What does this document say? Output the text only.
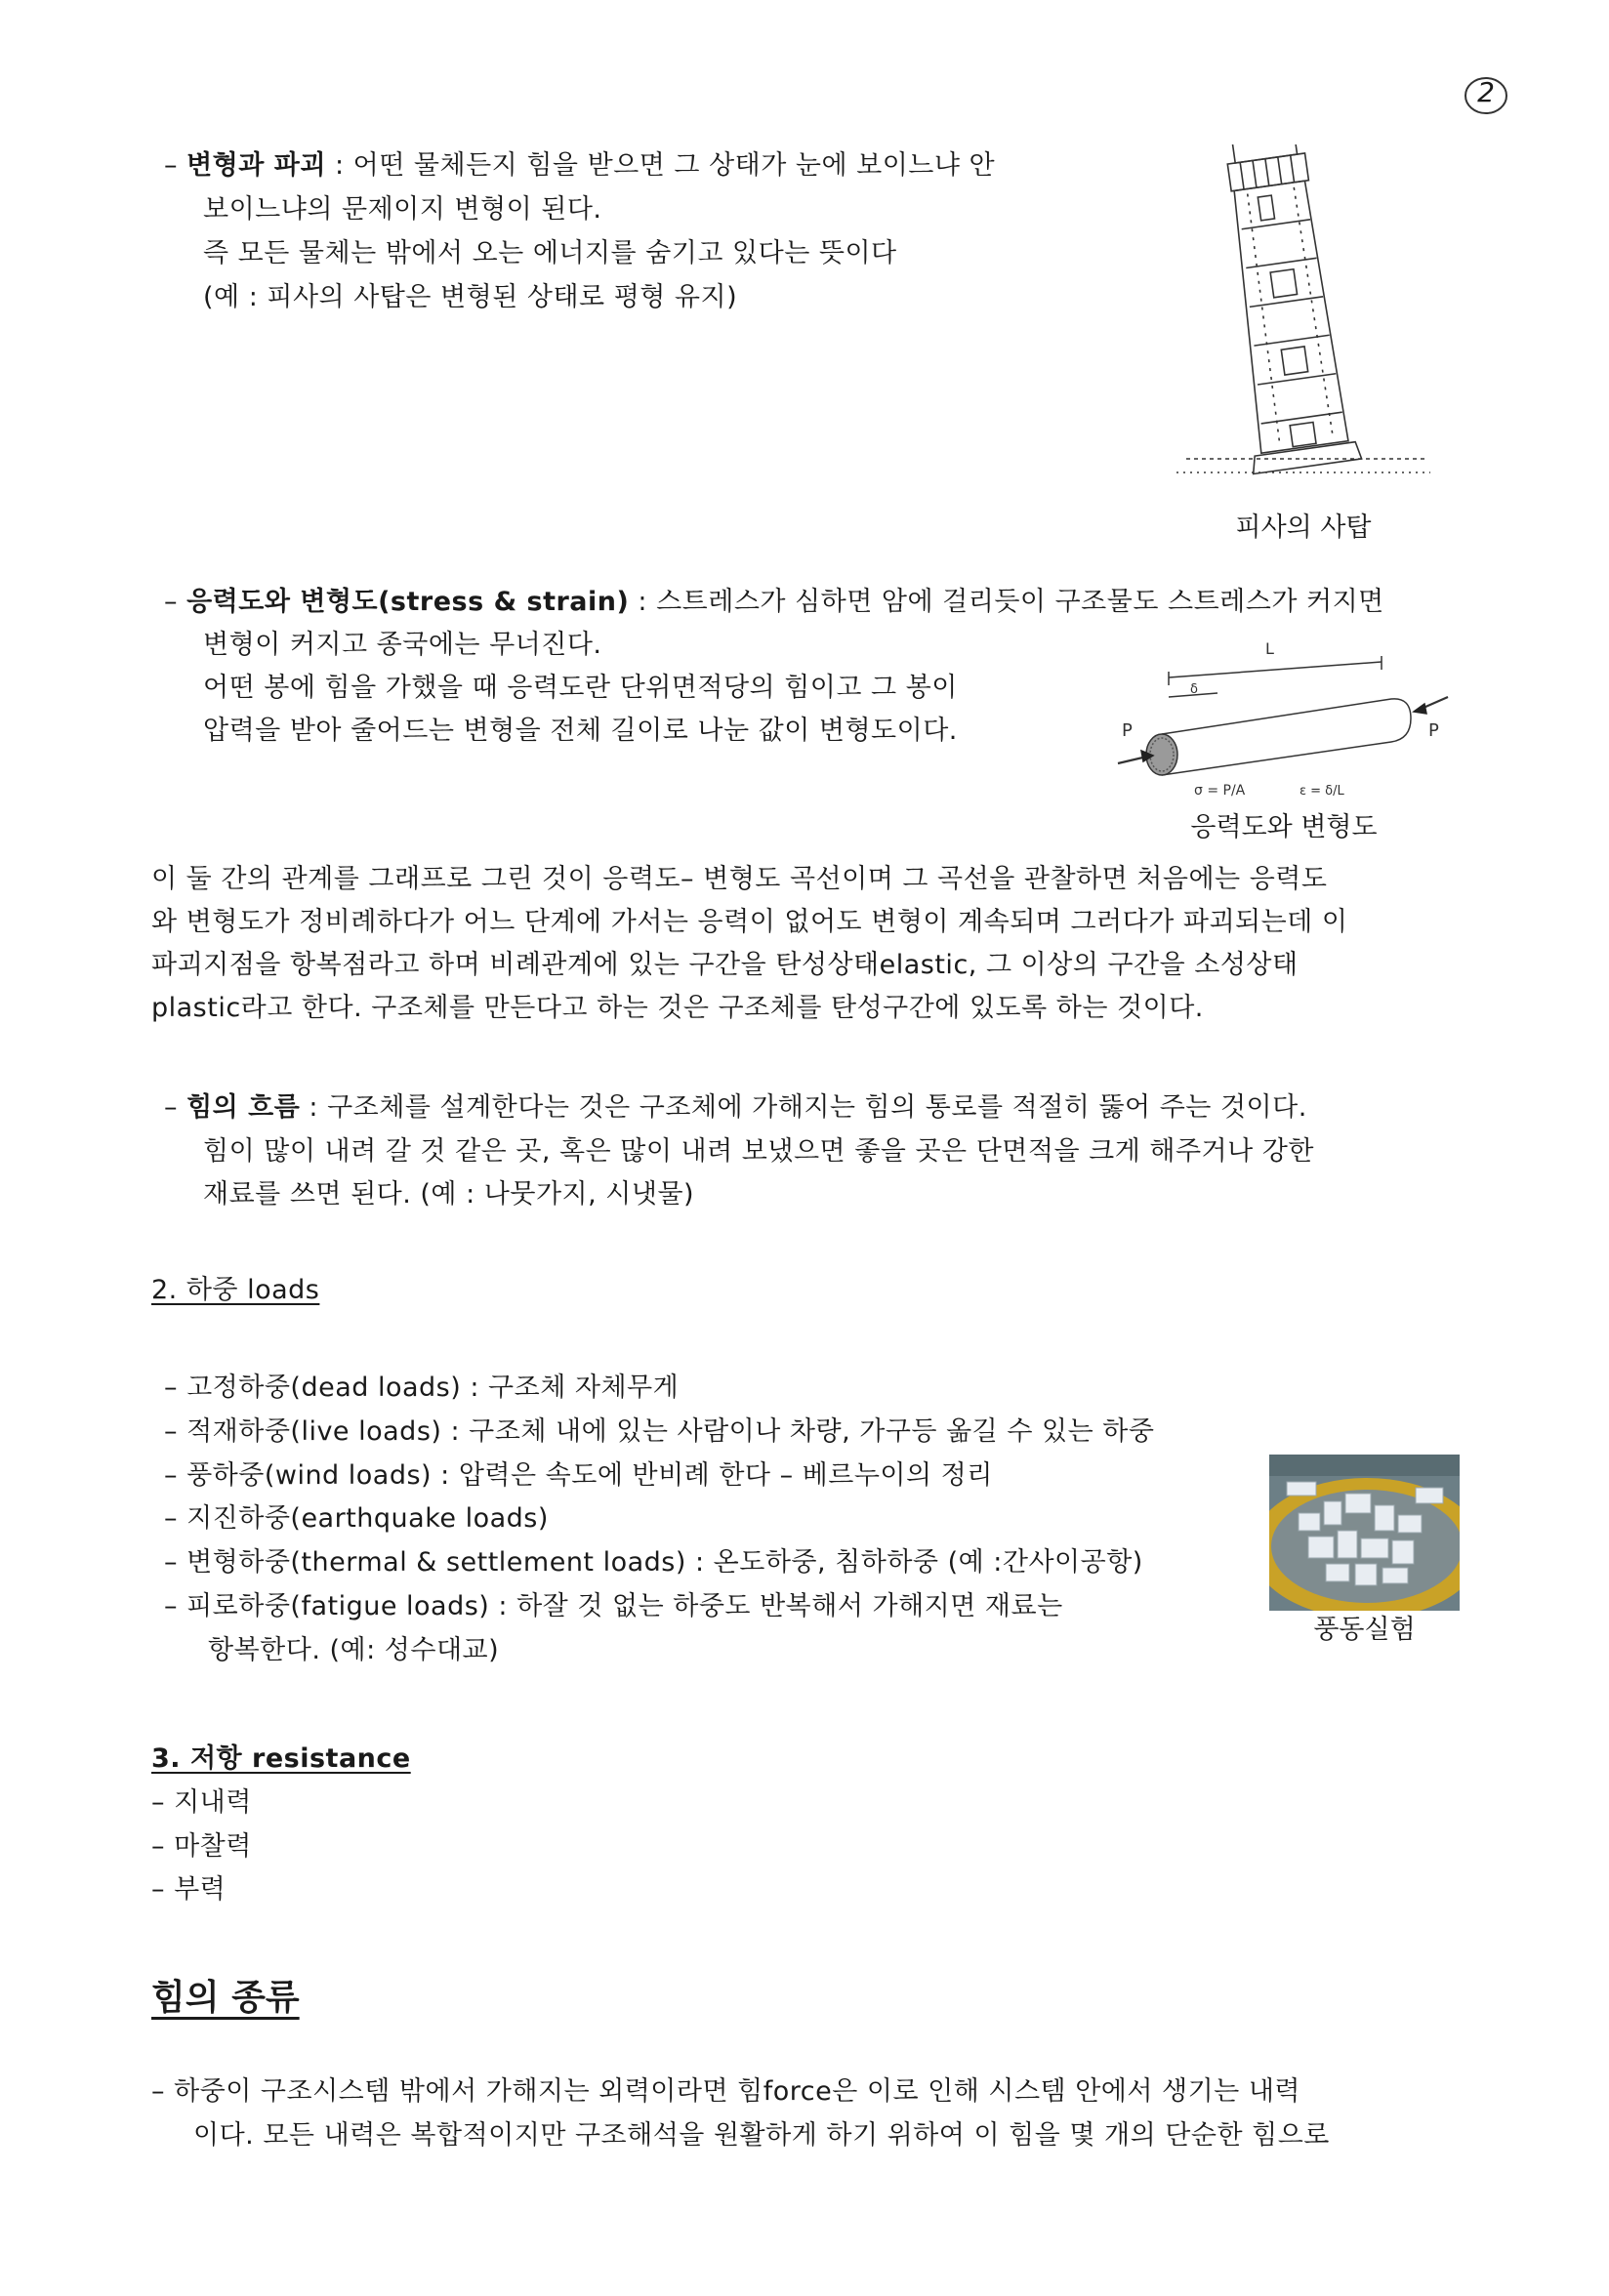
2
– 변형과 파괴 : 어떤 물체든지 힘을 받으면 그 상태가 눈에 보이느냐 안
보이느냐의 문제이지 변형이 된다.
즉 모든 물체는 밖에서 오는 에너지를 숨기고 있다는 뜻이다
(예 : 피사의 사탑은 변형된 상태로 평형 유지)
피사의 사탑
– 응력도와 변형도(stress & strain) : 스트레스가 심하면 암에 걸리듯이 구조물도 스트레스가 커지면
변형이 커지고 종국에는 무너진다.
어떤 봉에 힘을 가했을 때 응력도란 단위면적당의 힘이고 그 봉이
압력을 받아 줄어드는 변형을 전체 길이로 나눈 값이 변형도이다.
L
δ
P	P
σ = P/A	ε = δ/L
응력도와 변형도
이 둘 간의 관계를 그래프로 그린 것이 응력도– 변형도 곡선이며 그 곡선을 관찰하면 처음에는 응력도
와 변형도가 정비례하다가 어느 단계에 가서는 응력이 없어도 변형이 계속되며 그러다가 파괴되는데 이
파괴지점을 항복점라고 하며 비례관계에 있는 구간을 탄성상태elastic, 그 이상의 구간을 소성상태
plastic라고 한다. 구조체를 만든다고 하는 것은 구조체를 탄성구간에 있도록 하는 것이다.
– 힘의 흐름 : 구조체를 설계한다는 것은 구조체에 가해지는 힘의 통로를 적절히 뚫어 주는 것이다.
힘이 많이 내려 갈 것 같은 곳, 혹은 많이 내려 보냈으면 좋을 곳은 단면적을 크게 해주거나 강한
재료를 쓰면 된다. (예 : 나뭇가지, 시냇물)
2. 하중 loads
– 고정하중(dead loads) : 구조체 자체무게
– 적재하중(live loads) : 구조체 내에 있는 사람이나 차량, 가구등 옮길 수 있는 하중
– 풍하중(wind loads) : 압력은 속도에 반비례 한다 – 베르누이의 정리
– 지진하중(earthquake loads)
– 변형하중(thermal & settlement loads) : 온도하중, 침하하중 (예 :간사이공항)
– 피로하중(fatigue loads) : 하잘 것 없는 하중도 반복해서 가해지면 재료는
항복한다. (예: 성수대교)
풍동실험
3. 저항 resistance
– 지내력
– 마찰력
– 부력
힘의 종류
– 하중이 구조시스템 밖에서 가해지는 외력이라면 힘force은 이로 인해 시스템 안에서 생기는 내력
이다. 모든 내력은 복합적이지만 구조해석을 원활하게 하기 위하여 이 힘을 몇 개의 단순한 힘으로
